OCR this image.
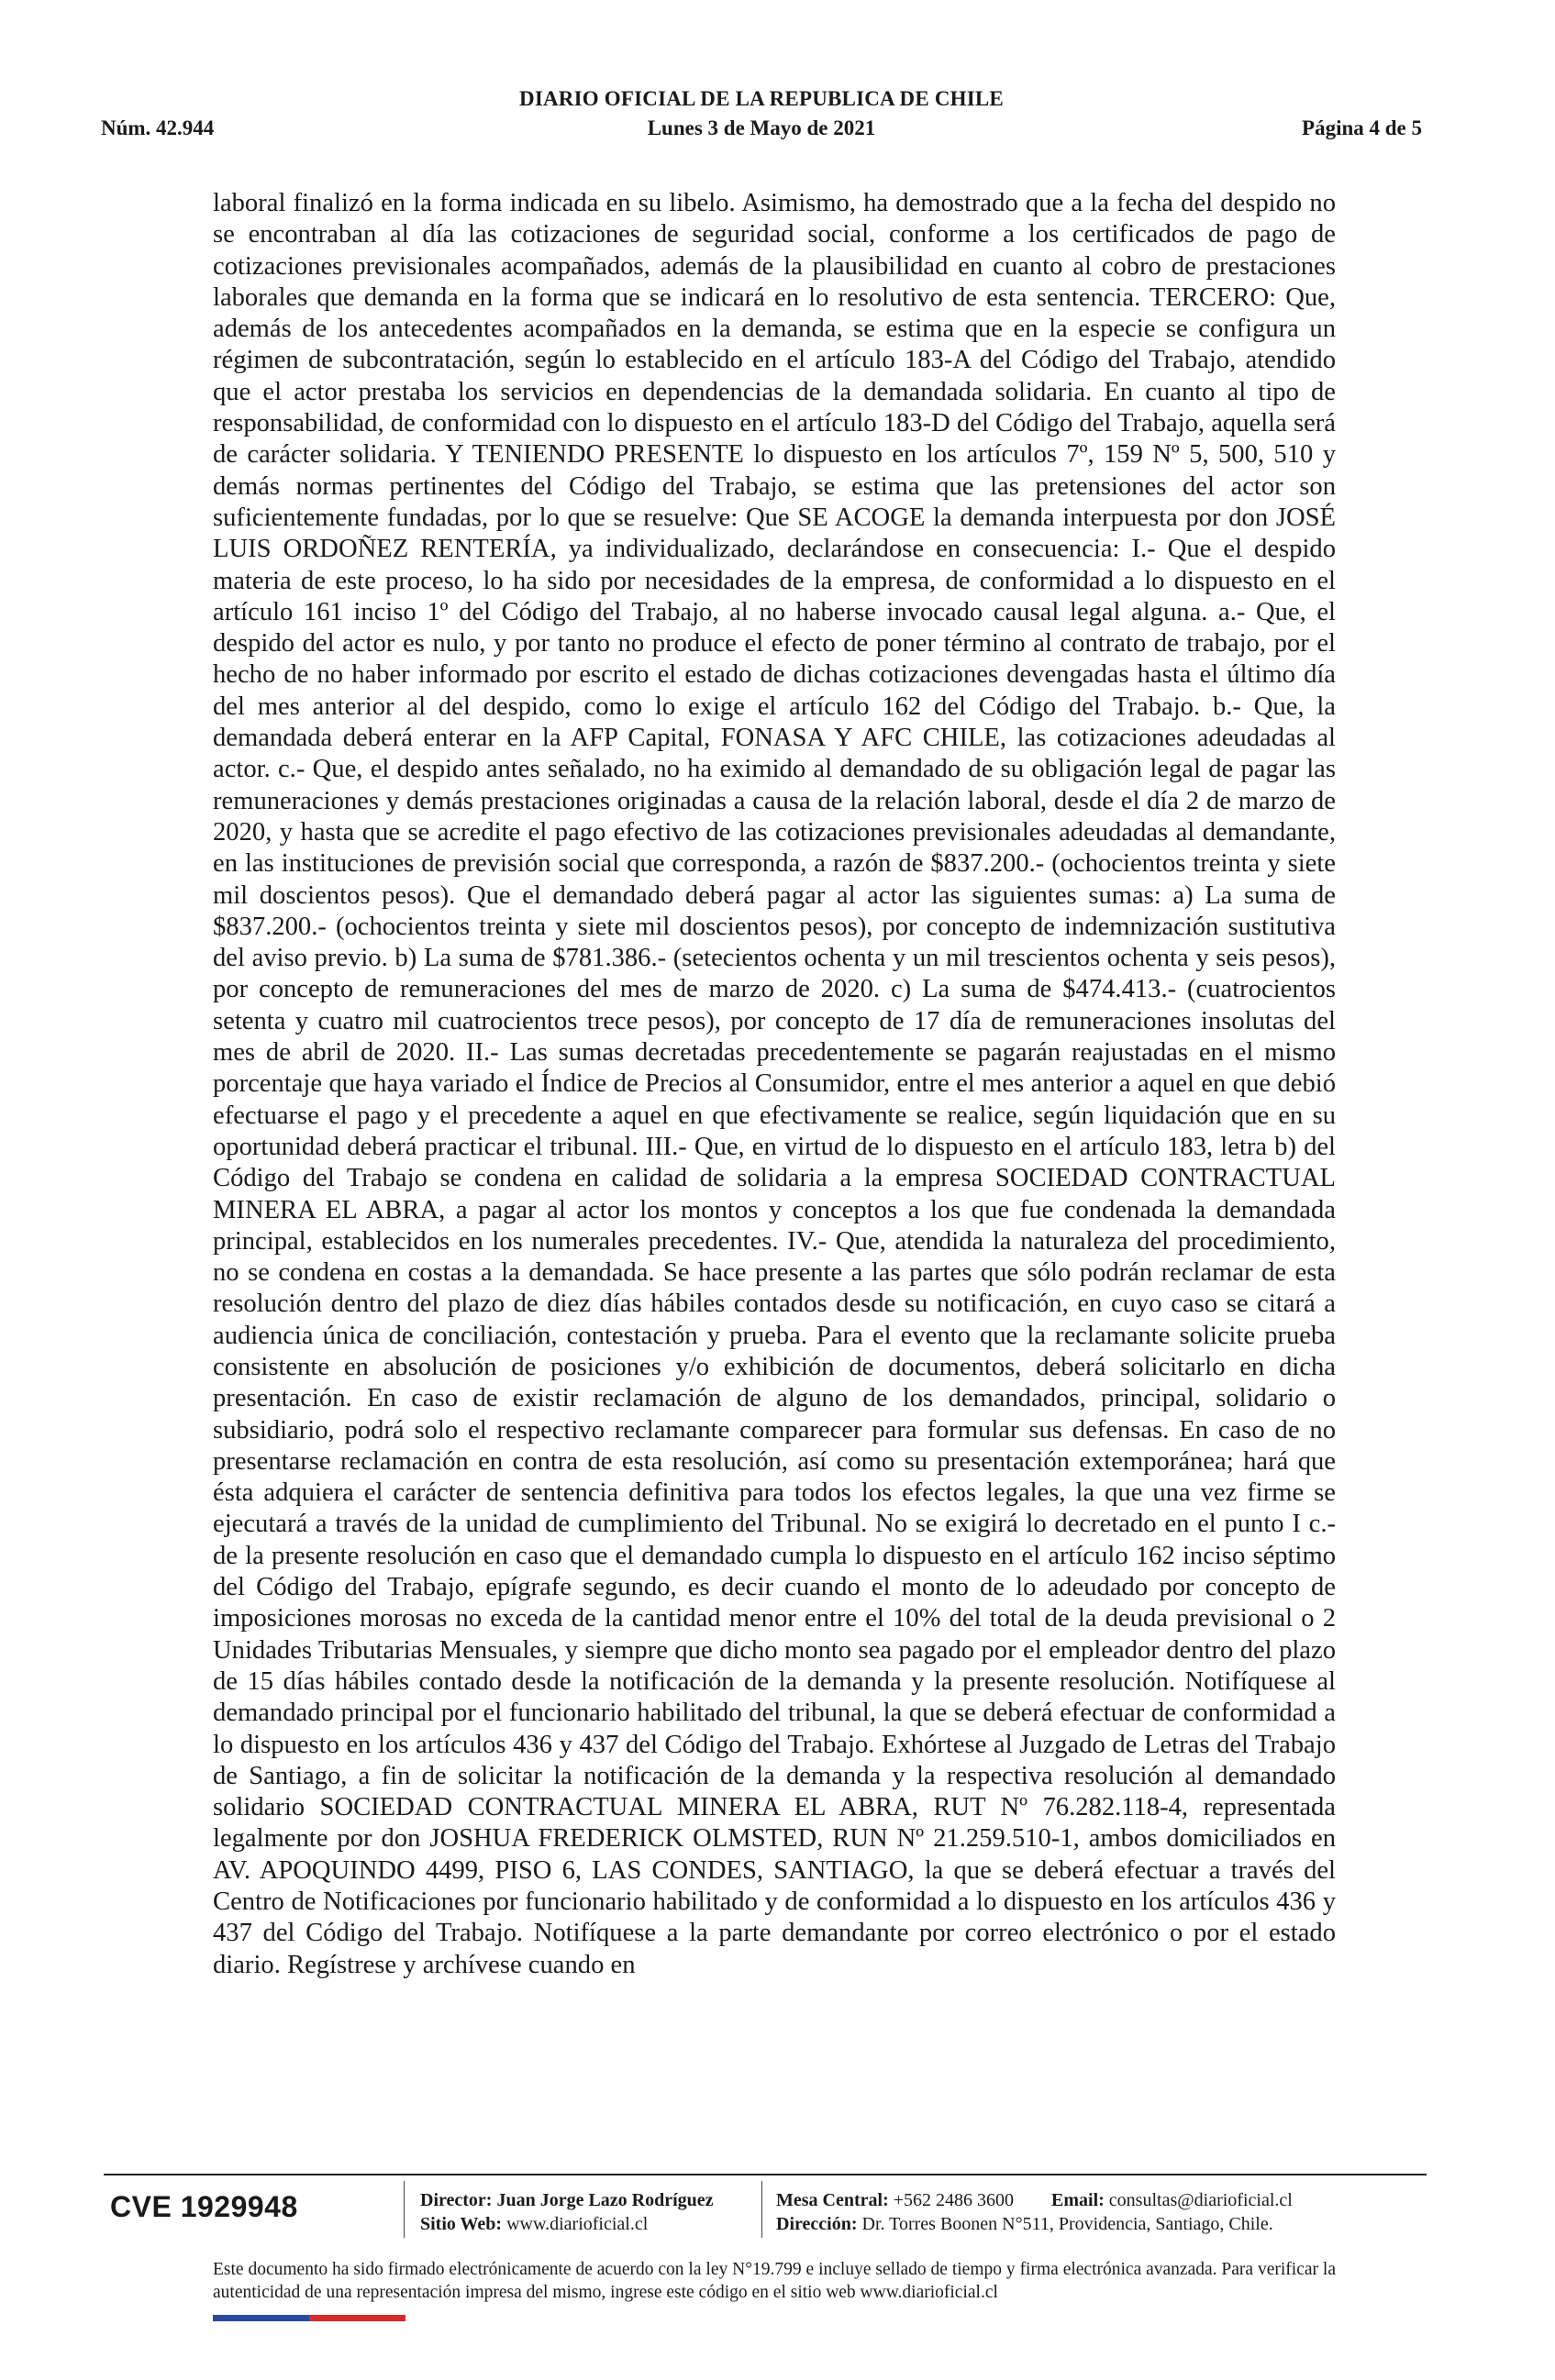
DIARIO OFICIAL DE LA REPUBLICA DE CHILE
Núm. 42.944	Lunes 3 de Mayo de 2021	Página 4 de 5

laboral finalizó en la forma indicada en su libelo. Asimismo, ha demostrado que a la fecha del despido no se encontraban al día las cotizaciones de seguridad social, conforme a los certificados de pago de cotizaciones previsionales acompañados, además de la plausibilidad en cuanto al cobro de prestaciones laborales que demanda en la forma que se indicará en lo resolutivo de esta sentencia. TERCERO: Que, además de los antecedentes acompañados en la demanda, se estima que en la especie se configura un régimen de subcontratación, según lo establecido en el artículo 183-A del Código del Trabajo, atendido que el actor prestaba los servicios en dependencias de la demandada solidaria. En cuanto al tipo de responsabilidad, de conformidad con lo dispuesto en el artículo 183-D del Código del Trabajo, aquella será de carácter solidaria. Y TENIENDO PRESENTE lo dispuesto en los artículos 7º, 159 Nº 5, 500, 510 y demás normas pertinentes del Código del Trabajo, se estima que las pretensiones del actor son suficientemente fundadas, por lo que se resuelve: Que SE ACOGE la demanda interpuesta por don JOSÉ LUIS ORDOÑEZ RENTERÍA, ya individualizado, declarándose en consecuencia: I.- Que el despido materia de este proceso, lo ha sido por necesidades de la empresa, de conformidad a lo dispuesto en el artículo 161 inciso 1º del Código del Trabajo, al no haberse invocado causal legal alguna. a.- Que, el despido del actor es nulo, y por tanto no produce el efecto de poner término al contrato de trabajo, por el hecho de no haber informado por escrito el estado de dichas cotizaciones devengadas hasta el último día del mes anterior al del despido, como lo exige el artículo 162 del Código del Trabajo. b.- Que, la demandada deberá enterar en la AFP Capital, FONASA Y AFC CHILE, las cotizaciones adeudadas al actor. c.- Que, el despido antes señalado, no ha eximido al demandado de su obligación legal de pagar las remuneraciones y demás prestaciones originadas a causa de la relación laboral, desde el día 2 de marzo de 2020, y hasta que se acredite el pago efectivo de las cotizaciones previsionales adeudadas al demandante, en las instituciones de previsión social que corresponda, a razón de $837.200.- (ochocientos treinta y siete mil doscientos pesos). Que el demandado deberá pagar al actor las siguientes sumas: a) La suma de $837.200.- (ochocientos treinta y siete mil doscientos pesos), por concepto de indemnización sustitutiva del aviso previo. b) La suma de $781.386.- (setecientos ochenta y un mil trescientos ochenta y seis pesos), por concepto de remuneraciones del mes de marzo de 2020. c) La suma de $474.413.- (cuatrocientos setenta y cuatro mil cuatrocientos trece pesos), por concepto de 17 día de remuneraciones insolutas del mes de abril de 2020. II.- Las sumas decretadas precedentemente se pagarán reajustadas en el mismo porcentaje que haya variado el Índice de Precios al Consumidor, entre el mes anterior a aquel en que debió efectuarse el pago y el precedente a aquel en que efectivamente se realice, según liquidación que en su oportunidad deberá practicar el tribunal. III.- Que, en virtud de lo dispuesto en el artículo 183, letra b) del Código del Trabajo se condena en calidad de solidaria a la empresa SOCIEDAD CONTRACTUAL MINERA EL ABRA, a pagar al actor los montos y conceptos a los que fue condenada la demandada principal, establecidos en los numerales precedentes. IV.- Que, atendida la naturaleza del procedimiento, no se condena en costas a la demandada. Se hace presente a las partes que sólo podrán reclamar de esta resolución dentro del plazo de diez días hábiles contados desde su notificación, en cuyo caso se citará a audiencia única de conciliación, contestación y prueba. Para el evento que la reclamante solicite prueba consistente en absolución de posiciones y/o exhibición de documentos, deberá solicitarlo en dicha presentación. En caso de existir reclamación de alguno de los demandados, principal, solidario o subsidiario, podrá solo el respectivo reclamante comparecer para formular sus defensas. En caso de no presentarse reclamación en contra de esta resolución, así como su presentación extemporánea; hará que ésta adquiera el carácter de sentencia definitiva para todos los efectos legales, la que una vez firme se ejecutará a través de la unidad de cumplimiento del Tribunal. No se exigirá lo decretado en el punto I c.- de la presente resolución en caso que el demandado cumpla lo dispuesto en el artículo 162 inciso séptimo del Código del Trabajo, epígrafe segundo, es decir cuando el monto de lo adeudado por concepto de imposiciones morosas no exceda de la cantidad menor entre el 10% del total de la deuda previsional o 2 Unidades Tributarias Mensuales, y siempre que dicho monto sea pagado por el empleador dentro del plazo de 15 días hábiles contado desde la notificación de la demanda y la presente resolución. Notifíquese al demandado principal por el funcionario habilitado del tribunal, la que se deberá efectuar de conformidad a lo dispuesto en los artículos 436 y 437 del Código del Trabajo. Exhórtese al Juzgado de Letras del Trabajo de Santiago, a fin de solicitar la notificación de la demanda y la respectiva resolución al demandado solidario SOCIEDAD CONTRACTUAL MINERA EL ABRA, RUT Nº 76.282.118-4, representada legalmente por don JOSHUA FREDERICK OLMSTED, RUN Nº 21.259.510-1, ambos domiciliados en AV. APOQUINDO 4499, PISO 6, LAS CONDES, SANTIAGO, la que se deberá efectuar a través del Centro de Notificaciones por funcionario habilitado y de conformidad a lo dispuesto en los artículos 436 y 437 del Código del Trabajo. Notifíquese a la parte demandante por correo electrónico o por el estado diario. Regístrese y archívese cuando en

CVE 1929948	Director: Juan Jorge Lazo Rodríguez
Sitio Web: www.diarioficial.cl
Mesa Central: +562 2486 3600 Email: consultas@diarioficial.cl
Dirección: Dr. Torres Boonen N°511, Providencia, Santiago, Chile.

Este documento ha sido firmado electrónicamente de acuerdo con la ley N°19.799 e incluye sellado de tiempo y firma electrónica avanzada. Para verificar la autenticidad de una representación impresa del mismo, ingrese este código en el sitio web www.diarioficial.cl
